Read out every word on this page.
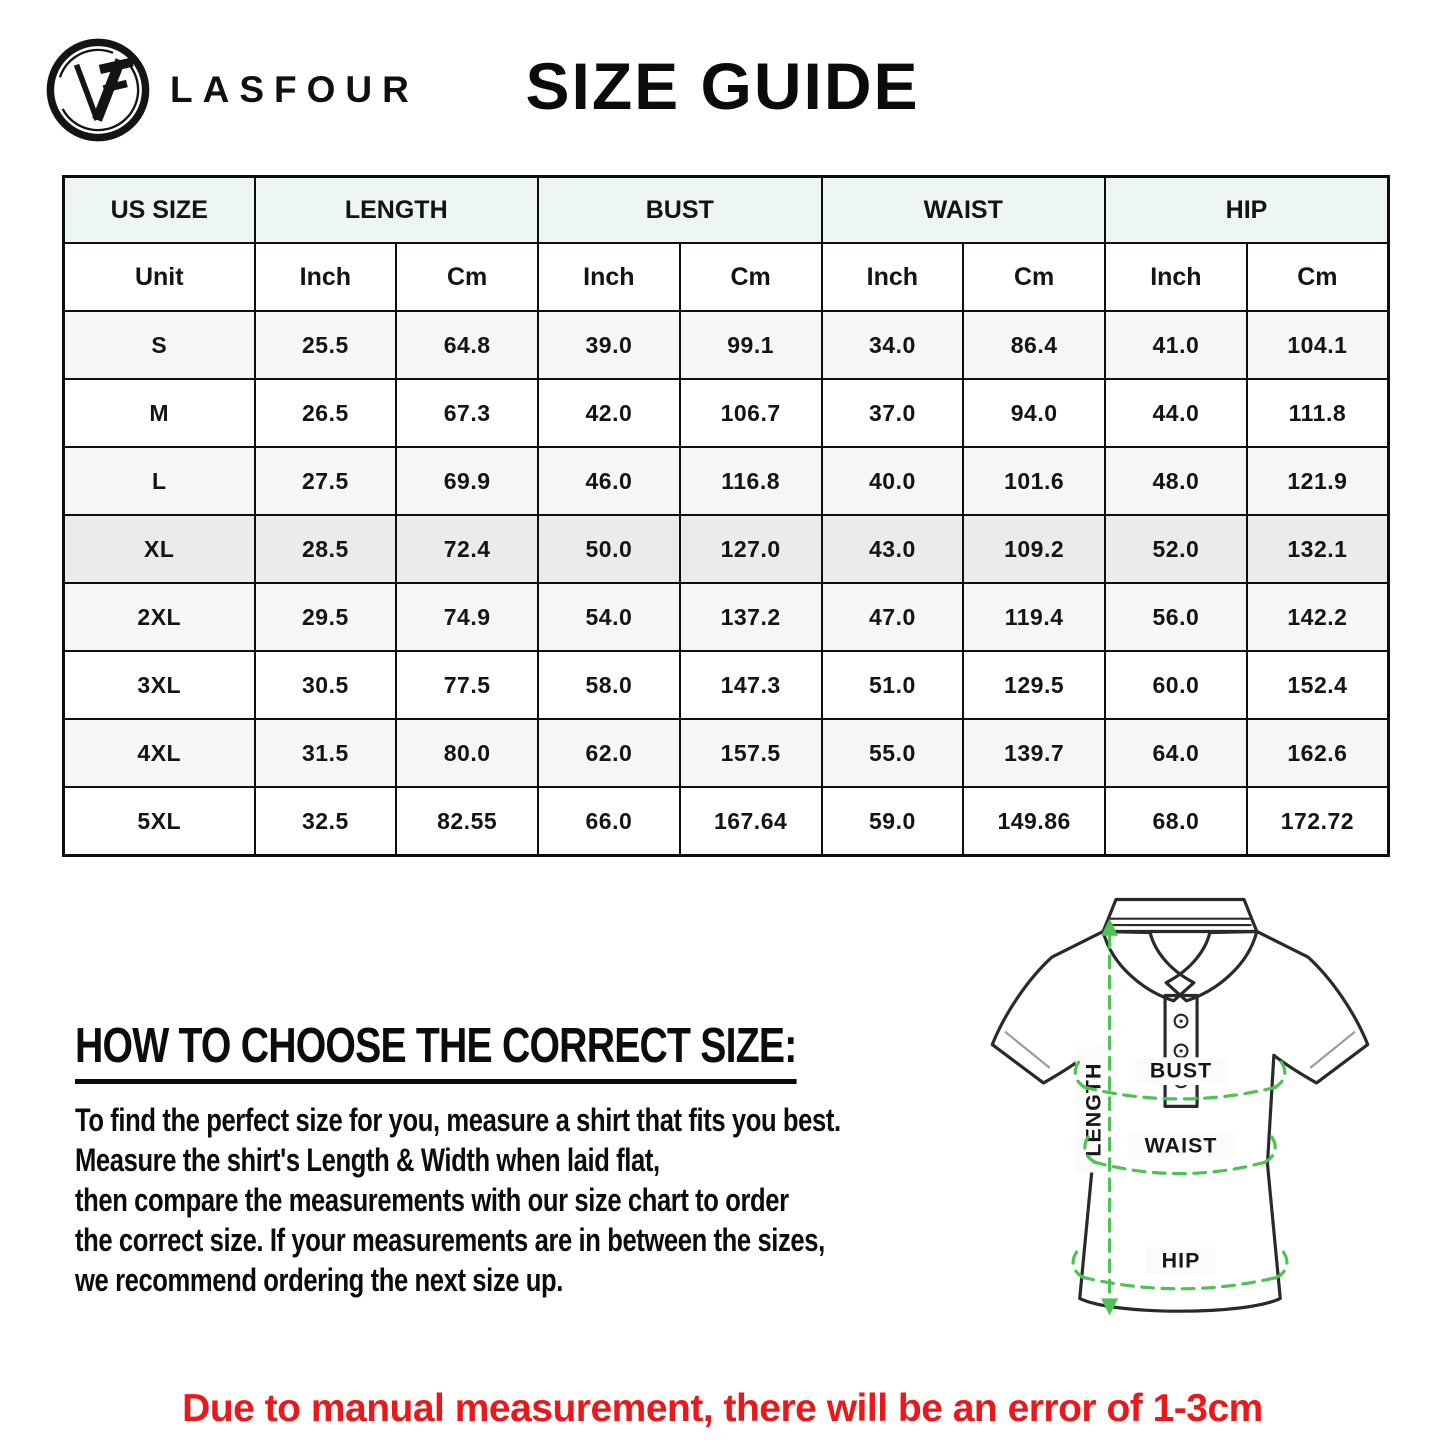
LASFOUR	SIZE GUIDE
US SIZE	LENGTH		BUST		WAIST		HIP	
Unit	Inch	Cm	Inch	Cm	Inch	Cm	Inch	Cm
S	25.5	64.8	39.0	99.1	34.0	86.4	41.0	104.1
M	26.5	67.3	42.0	106.7	37.0	94.0	44.0	111.8
L	27.5	69.9	46.0	116.8	40.0	101.6	48.0	121.9
XL	28.5	72.4	50.0	127.0	43.0	109.2	52.0	132.1
2XL	29.5	74.9	54.0	137.2	47.0	119.4	56.0	142.2
3XL	30.5	77.5	58.0	147.3	51.0	129.5	60.0	152.4
4XL	31.5	80.0	62.0	157.5	55.0	139.7	64.0	162.6
5XL	32.5	82.55	66.0	167.64	59.0	149.86	68.0	172.72
HOW TO CHOOSE THE CORRECT SIZE:
To find the perfect size for you, measure a shirt that fits you best.
Measure the shirt's Length & Width when laid flat,
then compare the measurements with our size chart to order
the correct size. If your measurements are in between the sizes,
we recommend ordering the next size up.
LENGTH BUST
WAIST
HIP
Due to manual measurement, there will be an error of 1-3cm
